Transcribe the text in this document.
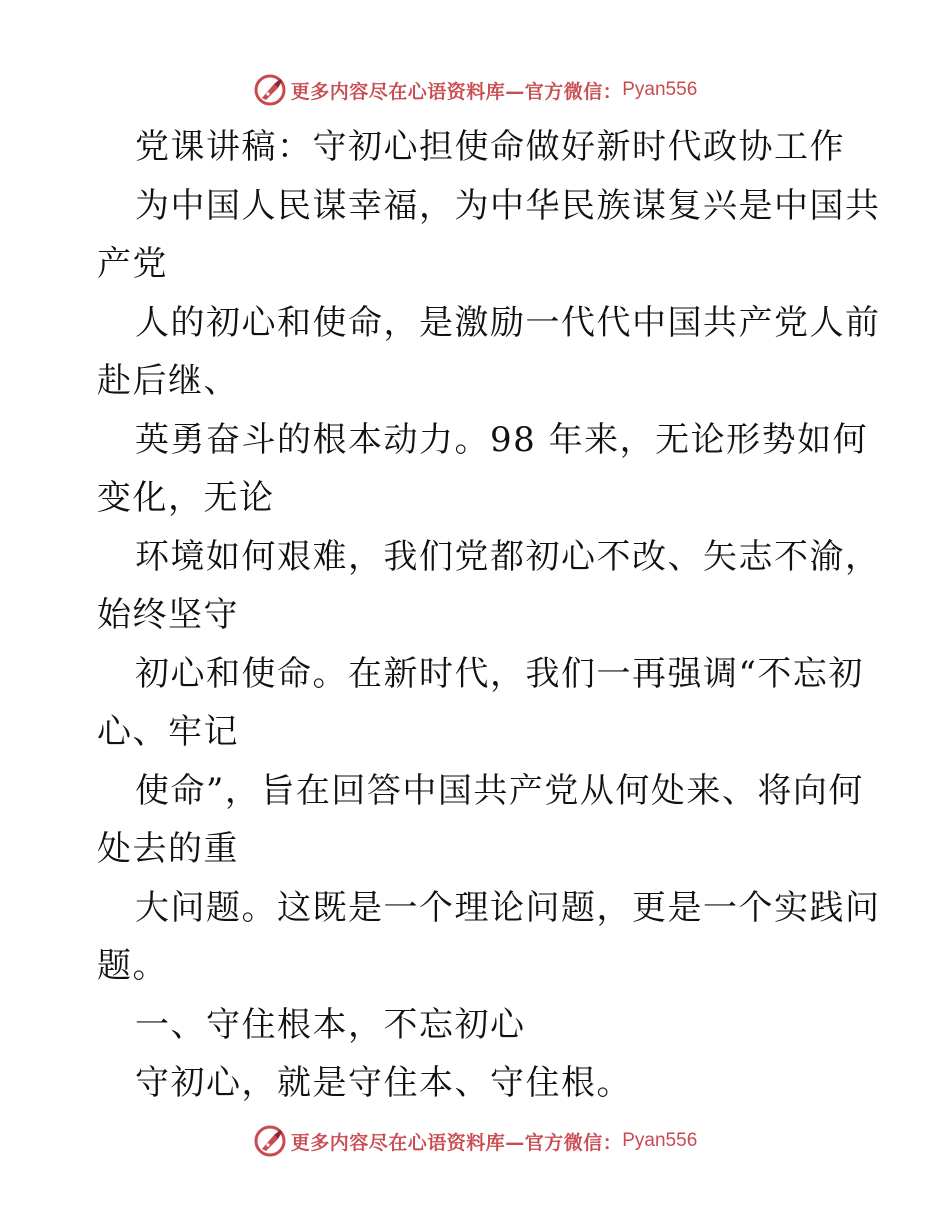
更多内容尽在心语资料库—官方微信： Pyan556
党课讲稿：守初心担使命做好新时代政协工作
为中国人民谋幸福，为中华民族谋复兴是中国共
产党
人的初心和使命，是激励一代代中国共产党人前
赴后继、
英勇奋斗的根本动力。98 年来，无论形势如何
变化，无论
环境如何艰难，我们党都初心不改、矢志不渝，
始终坚守
初心和使命。在新时代，我们一再强调“不忘初
心、牢记
使命”，旨在回答中国共产党从何处来、将向何
处去的重
大问题。这既是一个理论问题，更是一个实践问
题。
一、守住根本，不忘初心
守初心，就是守住本、守住根。
更多内容尽在心语资料库—官方微信： Pyan556
